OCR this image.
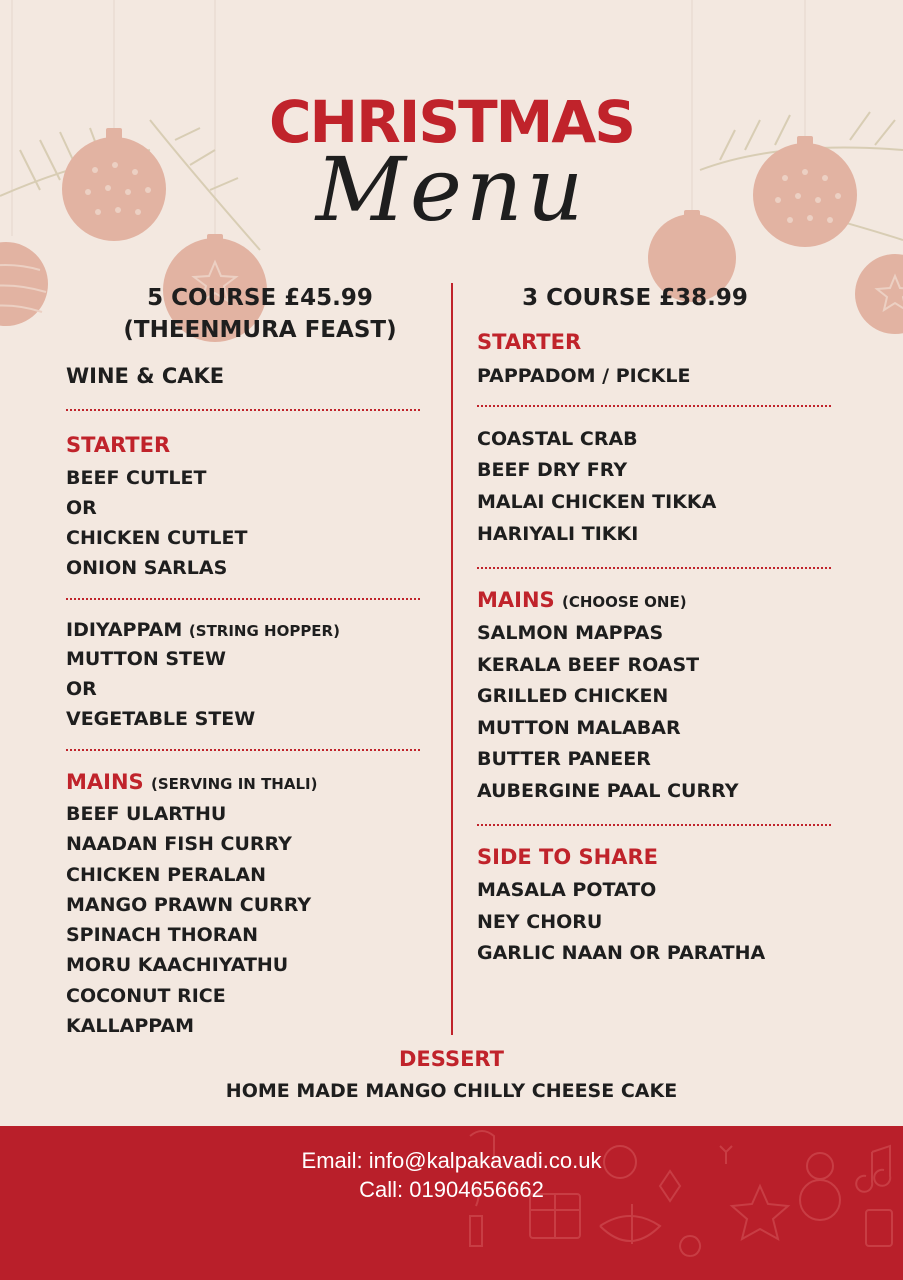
CHRISTMAS
Menu
5 COURSE £45.99
(THEENMURA FEAST)
WINE & CAKE
STARTER
BEEF CUTLET
OR
CHICKEN CUTLET
ONION SARLAS
IDIYAPPAM (STRING HOPPER)
MUTTON STEW
OR
VEGETABLE STEW
MAINS (SERVING IN THALI)
BEEF ULARTHU
NAADAN FISH CURRY
CHICKEN PERALAN
MANGO PRAWN CURRY
SPINACH THORAN
MORU KAACHIYATHU
COCONUT RICE
KALLAPPAM
3 COURSE £38.99
STARTER
PAPPADOM / PICKLE
COASTAL CRAB
BEEF DRY FRY
MALAI CHICKEN TIKKA
HARIYALI TIKKI
MAINS (CHOOSE ONE)
SALMON MAPPAS
KERALA BEEF ROAST
GRILLED CHICKEN
MUTTON MALABAR
BUTTER PANEER
AUBERGINE PAAL CURRY
SIDE TO SHARE
MASALA POTATO
NEY CHORU
GARLIC NAAN OR PARATHA
DESSERT
HOME MADE MANGO CHILLY CHEESE CAKE
Email: info@kalpakavadi.co.uk
Call: 01904656662
